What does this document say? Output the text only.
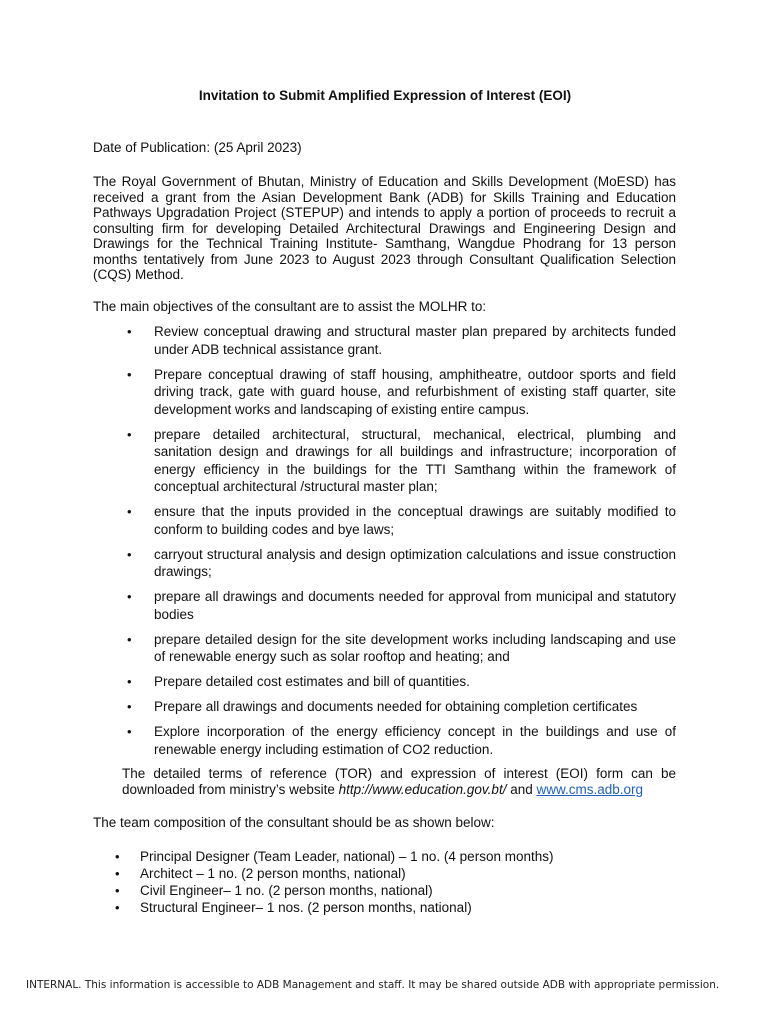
Invitation to Submit Amplified Expression of Interest (EOI)
Date of Publication: (25 April 2023)

The Royal Government of Bhutan, Ministry of Education and Skills Development (MoESD) has received a grant from the Asian Development Bank (ADB) for Skills Training and Education Pathways Upgradation Project (STEPUP) and intends to apply a portion of proceeds to recruit a consulting firm for developing Detailed Architectural Drawings and Engineering Design and Drawings for the Technical Training Institute- Samthang, Wangdue Phodrang for 13 person months tentatively from June 2023 to August 2023 through Consultant Qualification Selection (CQS) Method.

The main objectives of the consultant are to assist the MOLHR to:
• Review conceptual drawing and structural master plan prepared by architects funded under ADB technical assistance grant.
• Prepare conceptual drawing of staff housing, amphitheatre, outdoor sports and field driving track, gate with guard house, and refurbishment of existing staff quarter, site development works and landscaping of existing entire campus.
• prepare detailed architectural, structural, mechanical, electrical, plumbing and sanitation design and drawings for all buildings and infrastructure; incorporation of energy efficiency in the buildings for the TTI Samthang within the framework of conceptual architectural /structural master plan;
• ensure that the inputs provided in the conceptual drawings are suitably modified to conform to building codes and bye laws;
• carryout structural analysis and design optimization calculations and issue construction drawings;
• prepare all drawings and documents needed for approval from municipal and statutory bodies
• prepare detailed design for the site development works including landscaping and use of renewable energy such as solar rooftop and heating; and
• Prepare detailed cost estimates and bill of quantities.
• Prepare all drawings and documents needed for obtaining completion certificates
• Explore incorporation of the energy efficiency concept in the buildings and use of renewable energy including estimation of CO2 reduction.

The detailed terms of reference (TOR) and expression of interest (EOI) form can be downloaded from ministry’s website http://www.education.gov.bt/ and www.cms.adb.org

The team composition of the consultant should be as shown below:
• Principal Designer (Team Leader, national) – 1 no. (4 person months)
• Architect – 1 no. (2 person months, national)
• Civil Engineer– 1 no. (2 person months, national)
• Structural Engineer– 1 nos. (2 person months, national)
INTERNAL. This information is accessible to ADB Management and staff. It may be shared outside ADB with appropriate permission.
